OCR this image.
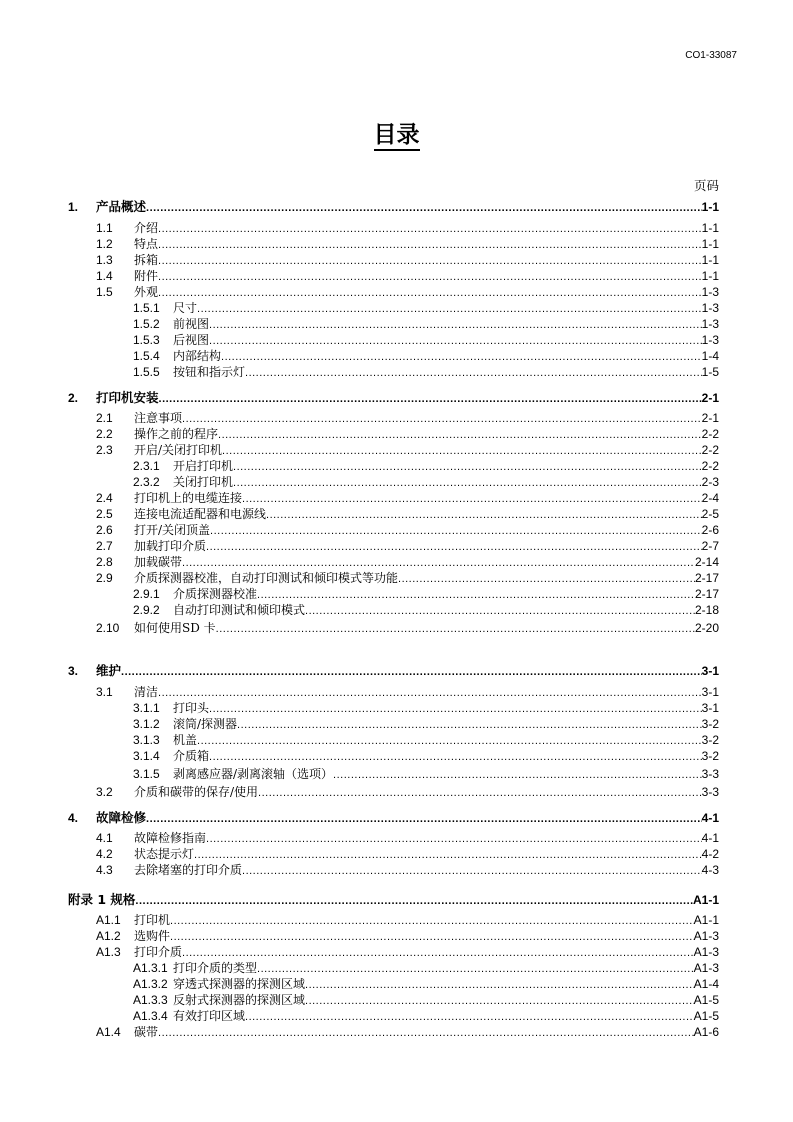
CO1-33087
目录
页码
1. 产品概述 .....	1-1
1.1 介绍 .....	1-1
1.2 特点 .....	1-1
1.3 拆箱 .....	1-1
1.4 附件 .....	1-1
1.5 外观 .....	1-3
1.5.1 尺寸 .....	1-3
1.5.2 前视图 .....	1-3
1.5.3 后视图 .....	1-3
1.5.4 内部结构 .....	1-4
1.5.5 按钮和指示灯 .....	1-5
2. 打印机安装 .....	2-1
2.1 注意事项 .....	2-1
2.2 操作之前的程序 .....	2-2
2.3 开启/关闭打印机 .....	2-2
2.3.1 开启打印机 .....	2-2
2.3.2 关闭打印机 .....	2-3
2.4 打印机上的电缆连接 .....	2-4
2.5 连接电流适配器和电源线 .....	2-5
2.6 打开/关闭顶盖 .....	2-6
2.7 加载打印介质 .....	2-7
2.8 加载碳带 .....	2-14
2.9 介质探测器校准，自动打印测试和倾印模式等功能 .....	2-17
2.9.1 介质探测器校准 .....	2-17
2.9.2 自动打印测试和倾印模式 .....	2-18
2.10 如何使用SD 卡 .....	2-20
3. 维护 .....	3-1
3.1 清洁 .....	3-1
3.1.1 打印头 .....	3-1
3.1.2 滚筒/探测器 .....	3-2
3.1.3 机盖 .....	3-2
3.1.4 介质箱 .....	3-2
3.1.5 剥离感应器/剥离滚轴（选项） .....	3-3
3.2 介质和碳带的保存/使用 .....	3-3
4. 故障检修 .....	4-1
4.1 故障检修指南 .....	4-1
4.2 状态提示灯 .....	4-2
4.3 去除堵塞的打印介质 .....	4-3
附录 1 规格 .....	A1-1
A1.1 打印机 .....	A1-1
A1.2 选购件 .....	A1-3
A1.3 打印介质 .....	A1-3
A1.3.1 打印介质的类型 .....	A1-3
A1.3.2 穿透式探测器的探测区域 .....	A1-4
A1.3.3 反射式探测器的探测区域 .....	A1-5
A1.3.4 有效打印区域 .....	A1-5
A1.4 碳带 .....	A1-6
